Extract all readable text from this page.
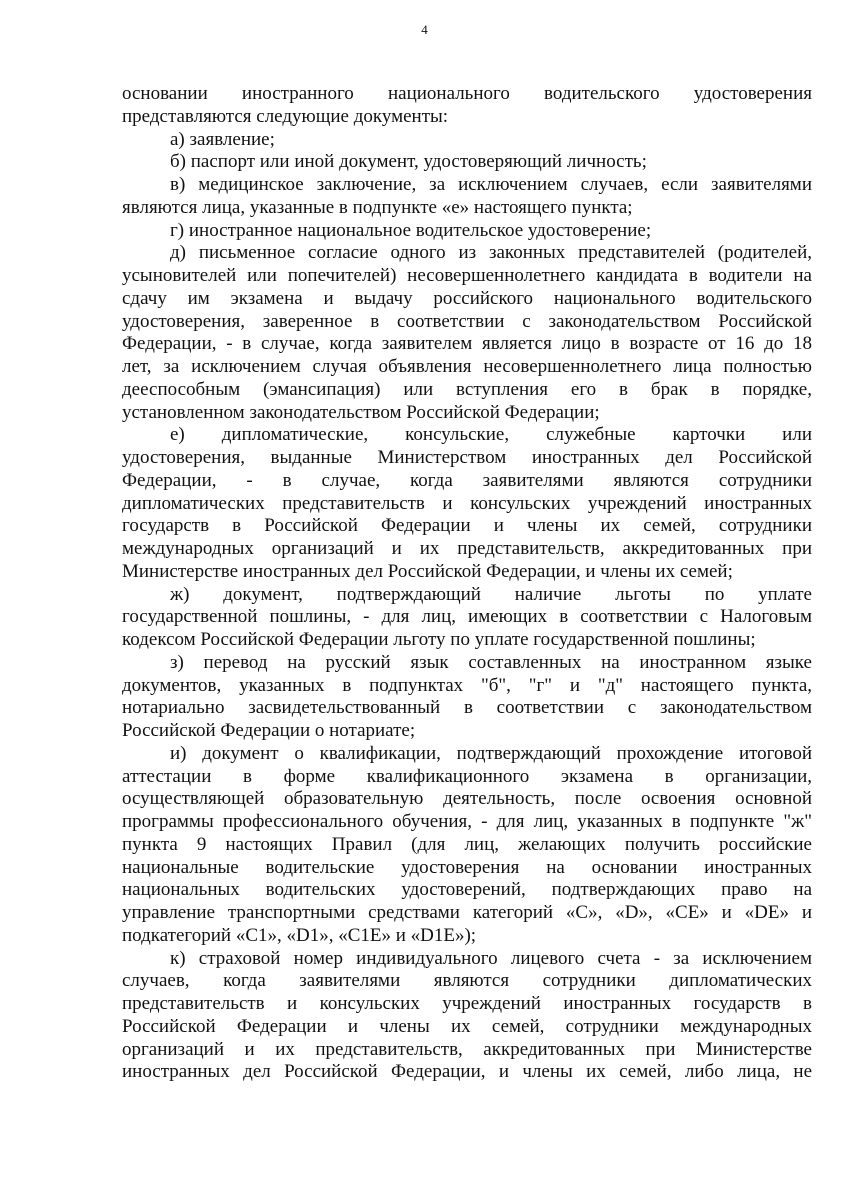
4
основании иностранного национального водительского удостоверения
представляются следующие документы:
а) заявление;
б) паспорт или иной документ, удостоверяющий личность;
в) медицинское заключение, за исключением случаев, если заявителями
являются лица, указанные в подпункте «е» настоящего пункта;
г) иностранное национальное водительское удостоверение;
д) письменное согласие одного из законных представителей (родителей,
усыновителей или попечителей) несовершеннолетнего кандидата в водители на
сдачу им экзамена и выдачу российского национального водительского
удостоверения, заверенное в соответствии с законодательством Российской
Федерации, - в случае, когда заявителем является лицо в возрасте от 16 до 18
лет, за исключением случая объявления несовершеннолетнего лица полностью
дееспособным (эмансипация) или вступления его в брак в порядке,
установленном законодательством Российской Федерации;
е) дипломатические, консульские, служебные карточки или
удостоверения, выданные Министерством иностранных дел Российской
Федерации, - в случае, когда заявителями являются сотрудники
дипломатических представительств и консульских учреждений иностранных
государств в Российской Федерации и члены их семей, сотрудники
международных организаций и их представительств, аккредитованных при
Министерстве иностранных дел Российской Федерации, и члены их семей;
ж) документ, подтверждающий наличие льготы по уплате
государственной пошлины, - для лиц, имеющих в соответствии с Налоговым
кодексом Российской Федерации льготу по уплате государственной пошлины;
з) перевод на русский язык составленных на иностранном языке
документов, указанных в подпунктах "б", "г" и "д" настоящего пункта,
нотариально засвидетельствованный в соответствии с законодательством
Российской Федерации о нотариате;
и) документ о квалификации, подтверждающий прохождение итоговой
аттестации в форме квалификационного экзамена в организации,
осуществляющей образовательную деятельность, после освоения основной
программы профессионального обучения, - для лиц, указанных в подпункте "ж"
пункта 9 настоящих Правил (для лиц, желающих получить российские
национальные водительские удостоверения на основании иностранных
национальных водительских удостоверений, подтверждающих право на
управление транспортными средствами категорий «C», «D», «CE» и «DE» и
подкатегорий «C1», «D1», «C1E» и «D1E»);
к) страховой номер индивидуального лицевого счета - за исключением
случаев, когда заявителями являются сотрудники дипломатических
представительств и консульских учреждений иностранных государств в
Российской Федерации и члены их семей, сотрудники международных
организаций и их представительств, аккредитованных при Министерстве
иностранных дел Российской Федерации, и члены их семей, либо лица, не
